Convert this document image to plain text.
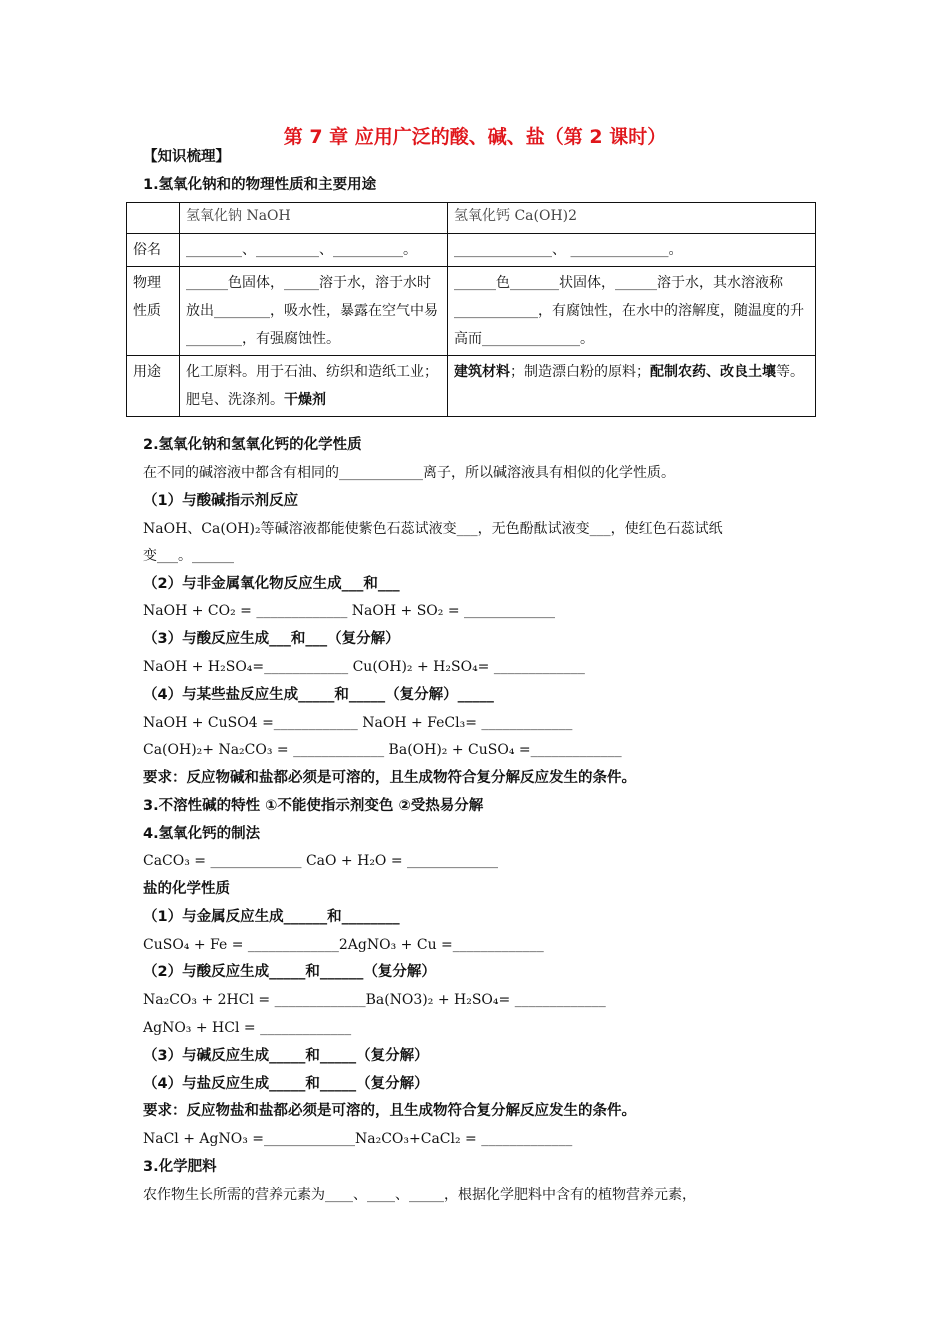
第 7 章 应用广泛的酸、碱、盐（第 2 课时）
【知识梳理】
1.氢氧化钠和的物理性质和主要用途
	氢氧化钠 NaOH	氢氧化钙 Ca(OH)2
俗名	________、_________、__________。	______________、 ______________。
物理性质	______色固体，_____溶于水，溶于水时放出________，吸水性，暴露在空气中易________，有强腐蚀性。	______色_______状固体，______溶于水，其水溶液称____________，有腐蚀性，在水中的溶解度，随温度的升高而______________。
用途	化工原料。用于石油、纺织和造纸工业；肥皂、洗涤剂。干燥剂	建筑材料；制造漂白粉的原料；配制农药、改良土壤等。
2.氢氧化钠和氢氧化钙的化学性质
在不同的碱溶液中都含有相同的____________离子，所以碱溶液具有相似的化学性质。
（1）与酸碱指示剂反应
NaOH、Ca(OH)₂等碱溶液都能使紫色石蕊试液变___，无色酚酞试液变___，使红色石蕊试纸
变___。______
（2）与非金属氧化物反应生成___和___
NaOH + CO₂ = _____________ NaOH + SO₂ = _____________
（3）与酸反应生成___和___（复分解）
NaOH + H₂SO₄=____________ Cu(OH)₂ + H₂SO₄= _____________
（4）与某些盐反应生成_____和_____（复分解）_____
NaOH + CuSO4 =____________ NaOH + FeCl₃= _____________
Ca(OH)₂+ Na₂CO₃ = _____________ Ba(OH)₂ + CuSO₄ =_____________
要求：反应物碱和盐都必须是可溶的，且生成物符合复分解反应发生的条件。
3.不溶性碱的特性 ①不能使指示剂变色 ②受热易分解
4.氢氧化钙的制法
CaCO₃ = _____________ CaO + H₂O = _____________
盐的化学性质
（1）与金属反应生成______和________
CuSO₄ + Fe = _____________2AgNO₃ + Cu =_____________
（2）与酸反应生成_____和______（复分解）
Na₂CO₃ + 2HCl = _____________Ba(NO3)₂ + H₂SO₄= _____________
AgNO₃ + HCl = _____________
（3）与碱反应生成_____和_____（复分解）
（4）与盐反应生成_____和_____（复分解）
要求：反应物盐和盐都必须是可溶的，且生成物符合复分解反应发生的条件。
NaCl + AgNO₃ =_____________Na₂CO₃+CaCl₂ = _____________
3.化学肥料
农作物生长所需的营养元素为____、____、_____，根据化学肥料中含有的植物营养元素，
